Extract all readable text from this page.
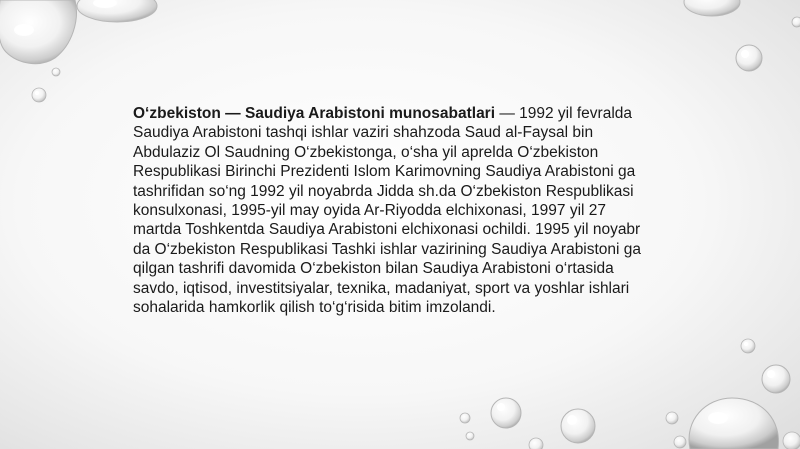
O‘zbekiston — Saudiya Arabistoni munosabatlari — 1992 yil fevralda Saudiya Arabistoni tashqi ishlar vaziri shahzoda Saud al-Faysal bin Abdulaziz Ol Saudning O‘zbekistonga, o‘sha yil aprelda O‘zbekiston Respublikasi Birinchi Prezidenti Islom Karimovning Saudiya Arabistoni ga tashrifidan so‘ng 1992 yil noyabrda Jidda sh.da O‘zbekiston Respublikasi konsulxonasi, 1995-yil may oyida Ar-Riyodda elchixonasi, 1997 yil 27 martda Toshkentda Saudiya Arabistoni elchixonasi ochildi. 1995 yil noyabr da O‘zbekiston Respublikasi Tashki ishlar vazirining Saudiya Arabistoni ga qilgan tashrifi davomida O‘zbekiston bilan Saudiya Arabistoni o‘rtasida savdo, iqtisod, investitsiyalar, texnika, madaniyat, sport va yoshlar ishlari sohalarida hamkorlik qilish to‘g‘risida bitim imzolandi.
